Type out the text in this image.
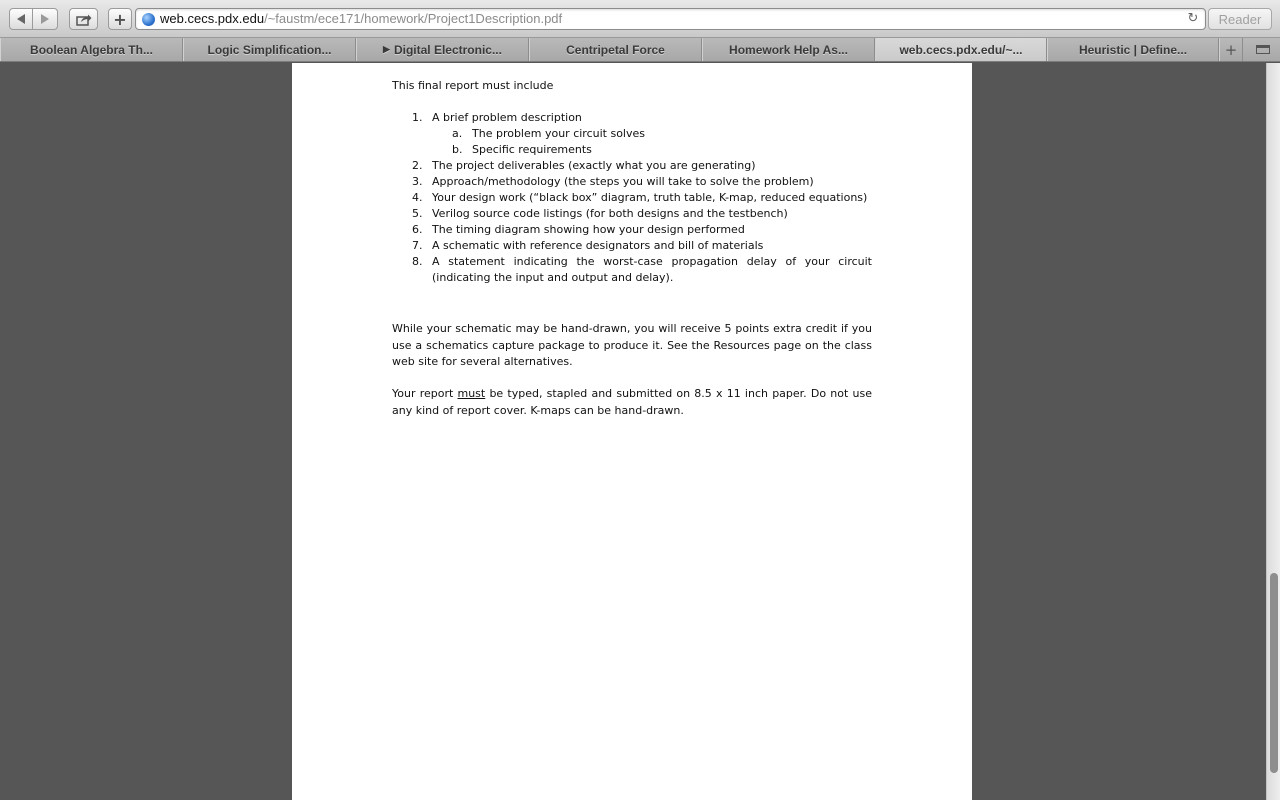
+	web.cecs.pdx.edu/~faustm/ece171/homework/Project1Description.pdf	↻	Reader
Boolean Algebra Th...	Logic Simplification...	▶ Digital Electronic...	Centripetal Force	Homework Help As...	web.cecs.pdx.edu/~...	Heuristic | Define...	+
This final report must include
1. A brief problem description
a. The problem your circuit solves
b. Specific requirements
2. The project deliverables (exactly what you are generating)
3. Approach/methodology (the steps you will take to solve the problem)
4. Your design work (“black box” diagram, truth table, K-map, reduced equations)
5. Verilog source code listings (for both designs and the testbench)
6. The timing diagram showing how your design performed
7. A schematic with reference designators and bill of materials
8. A statement indicating the worst-case propagation delay of your circuit (indicating the input and output and delay).
While your schematic may be hand-drawn, you will receive 5 points extra credit if you use a schematics capture package to produce it. See the Resources page on the class web site for several alternatives.
Your report must be typed, stapled and submitted on 8.5 x 11 inch paper. Do not use any kind of report cover. K-maps can be hand-drawn.
